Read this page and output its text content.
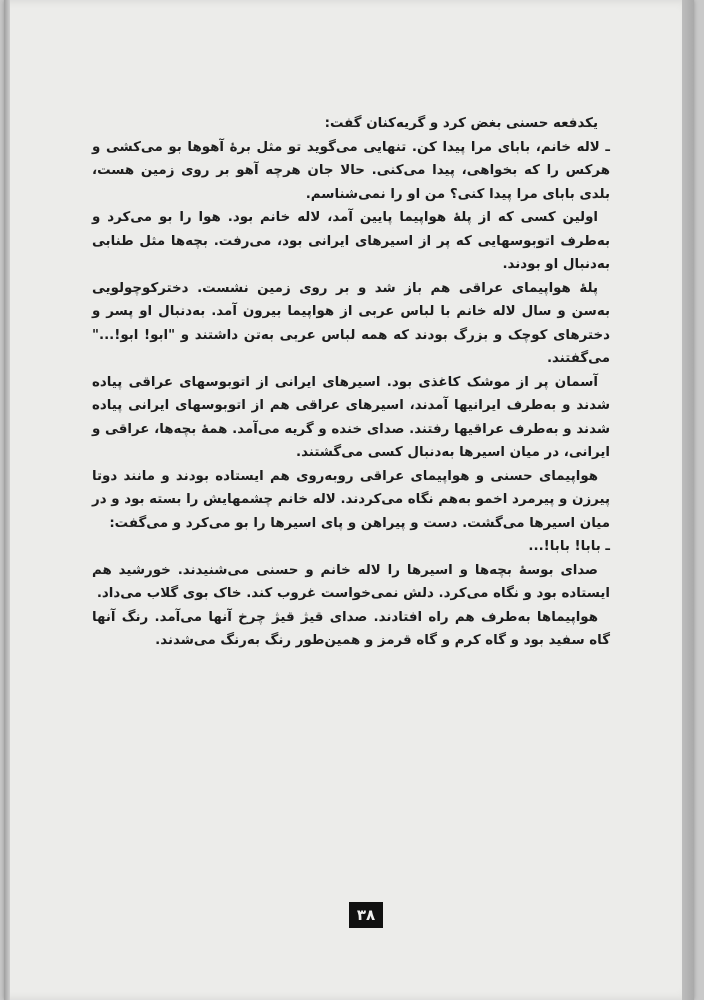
یکدفعه حسنی بغض کرد و گریه‌کنان گفت:

ـ لاله خانم، بابای مرا پیدا کن. تنهایی می‌گوید تو مثل برهٔ آهوها بو می‌کشی و هرکس را که بخواهی، پیدا می‌کنی. حالا جان هرچه آهو بر روی زمین هست، بلدی بابای مرا پیدا کنی؟ من او را نمی‌شناسم.

اولین کسی که از پلهٔ هواپیما پایین آمد، لاله خانم بود. هوا را بو می‌کرد و به‌طرف اتوبوسهایی که پر از اسیرهای ایرانی بود، می‌رفت. بچه‌ها مثل طنابی به‌دنبال او بودند.

پلهٔ هواپیمای عراقی هم باز شد و بر روی زمین نشست. دخترکوچولویی به‌سن و سال لاله خانم با لباس عربی از هواپیما بیرون آمد. به‌دنبال او پسر و دخترهای کوچک و بزرگ بودند که همه لباس عربی به‌تن داشتند و "ابو! ابو!..." می‌گفتند.

آسمان پر از موشک کاغذی بود. اسیرهای ایرانی از اتوبوسهای عراقی پیاده شدند و به‌طرف ایرانیها آمدند، اسیرهای عراقی هم از اتوبوسهای ایرانی پیاده شدند و به‌طرف عراقیها رفتند. صدای خنده و گریه می‌آمد. همهٔ بچه‌ها، عراقی و ایرانی، در میان اسیرها به‌دنبال کسی می‌گشتند.

هواپیمای حسنی و هواپیمای عراقی روبه‌روی هم ایستاده بودند و مانند دوتا پیرزن و پیرمرد اخمو به‌هم نگاه می‌کردند. لاله خانم چشمهایش را بسته بود و در میان اسیرها می‌گشت. دست و پیراهن و پای اسیرها را بو می‌کرد و می‌گفت:

ـ بابا! بابا!...

صدای بوسهٔ بچه‌ها و اسیرها را لاله خانم و حسنی می‌شنیدند. خورشید هم ایستاده بود و نگاه می‌کرد. دلش نمی‌خواست غروب کند. خاک بوی گلاب می‌داد.

هواپیماها به‌طرف هم راه افتادند. صدای قیژ قیژ چرخ آنها می‌آمد. رنگ آنها گاه سفید بود و گاه کرم و گاه قرمز و همین‌طور رنگ به‌رنگ می‌شدند.

۳۸
